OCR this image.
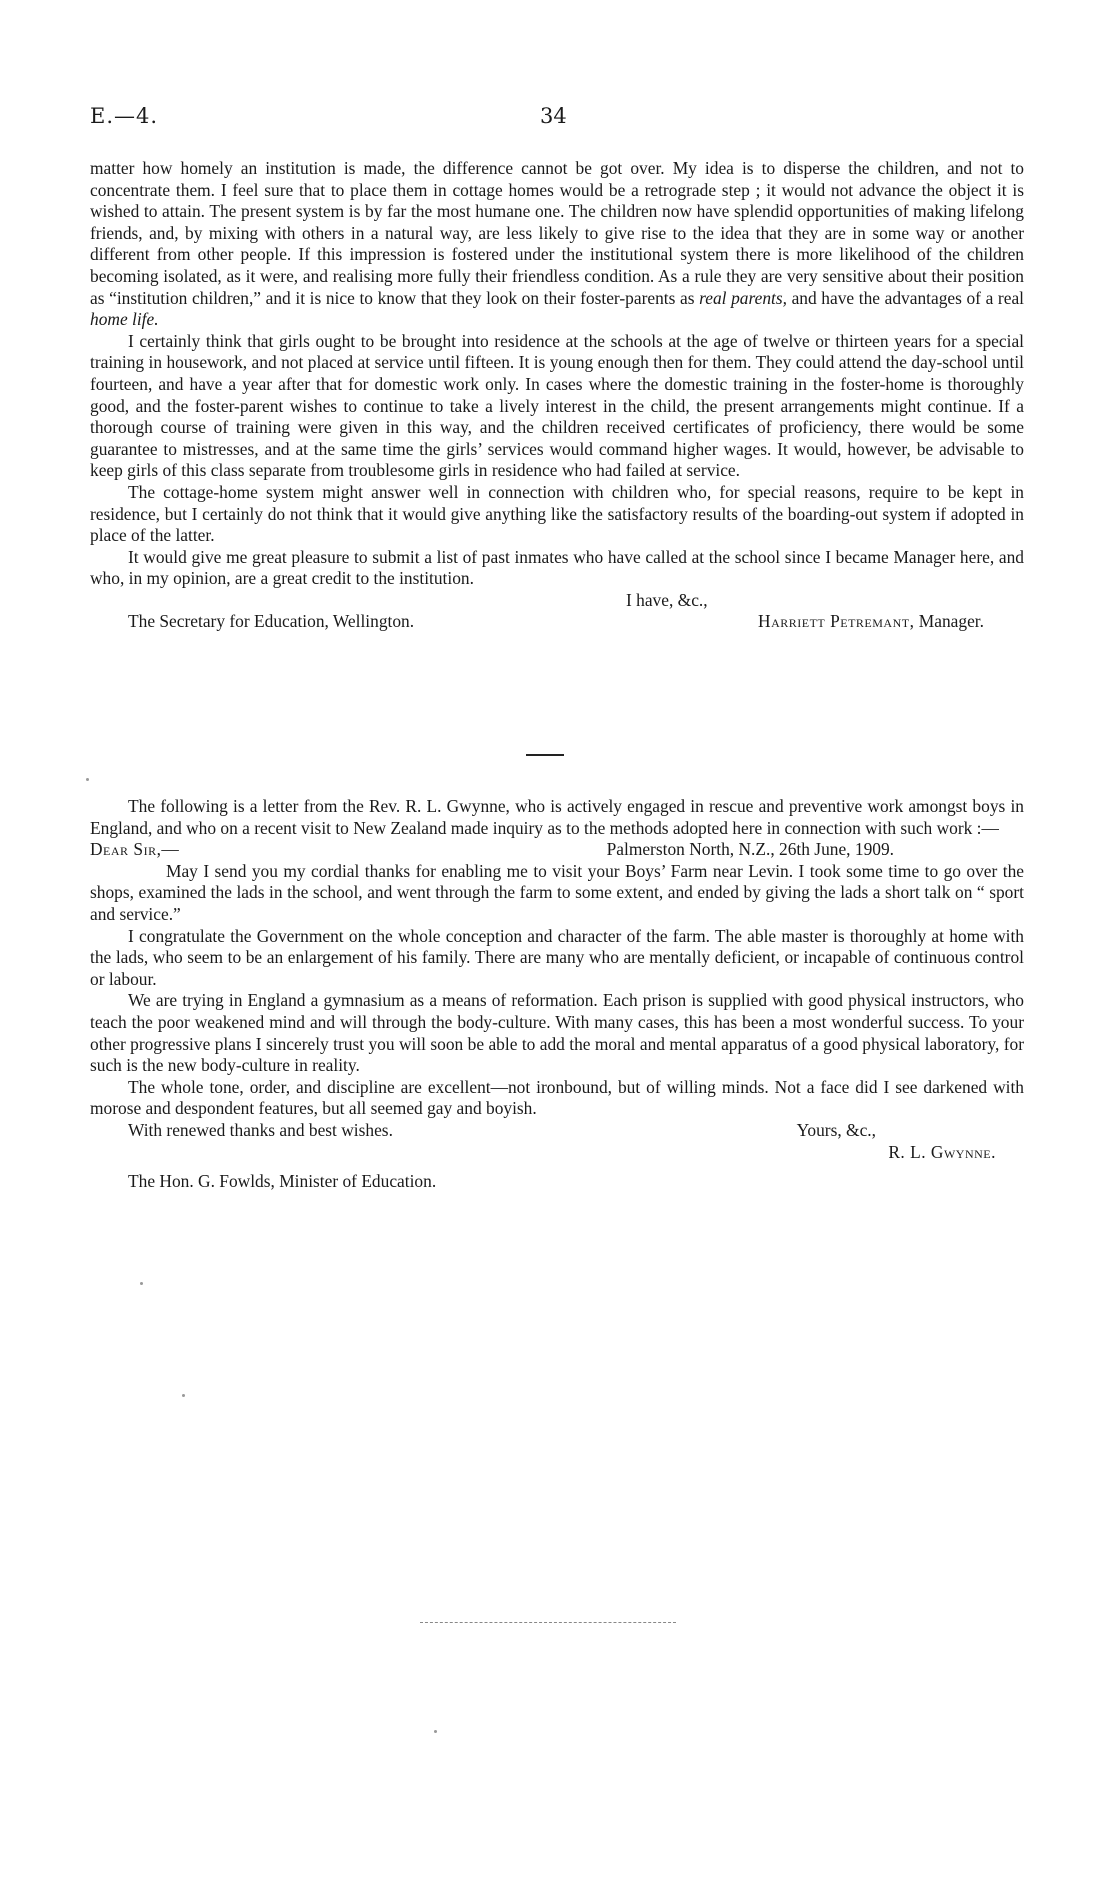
E.—4.	34

matter how homely an institution is made, the difference cannot be got over. My idea is to disperse the children, and not to concentrate them. I feel sure that to place them in cottage homes would be a retrograde step ; it would not advance the object it is wished to attain. The present system is by far the most humane one. The children now have splendid opportunities of making lifelong friends, and, by mixing with others in a natural way, are less likely to give rise to the idea that they are in some way or another different from other people. If this impression is fostered under the institutional system there is more likelihood of the children becoming isolated, as it were, and realising more fully their friendless condition. As a rule they are very sensitive about their position as “institution children,” and it is nice to know that they look on their foster-parents as real parents, and have the advantages of a real home life.

I certainly think that girls ought to be brought into residence at the schools at the age of twelve or thirteen years for a special training in housework, and not placed at service until fifteen. It is young enough then for them. They could attend the day-school until fourteen, and have a year after that for domestic work only. In cases where the domestic training in the foster-home is thoroughly good, and the foster-parent wishes to continue to take a lively interest in the child, the present arrangements might continue. If a thorough course of training were given in this way, and the children received certificates of proficiency, there would be some guarantee to mistresses, and at the same time the girls’ services would command higher wages. It would, however, be advisable to keep girls of this class separate from troublesome girls in residence who had failed at service.

The cottage-home system might answer well in connection with children who, for special reasons, require to be kept in residence, but I certainly do not think that it would give anything like the satisfactory results of the boarding-out system if adopted in place of the latter.

It would give me great pleasure to submit a list of past inmates who have called at the school since I became Manager here, and who, in my opinion, are a great credit to the institution.

I have, &c.,

The Secretary for Education, Wellington.	Harriett Petremant, Manager.

The following is a letter from the Rev. R. L. Gwynne, who is actively engaged in rescue and preventive work amongst boys in England, and who on a recent visit to New Zealand made inquiry as to the methods adopted here in connection with such work :—

Dear Sir,—	Palmerston North, N.Z., 26th June, 1909.

May I send you my cordial thanks for enabling me to visit your Boys’ Farm near Levin. I took some time to go over the shops, examined the lads in the school, and went through the farm to some extent, and ended by giving the lads a short talk on “ sport and service.”

I congratulate the Government on the whole conception and character of the farm. The able master is thoroughly at home with the lads, who seem to be an enlargement of his family. There are many who are mentally deficient, or incapable of continuous control or labour.

We are trying in England a gymnasium as a means of reformation. Each prison is supplied with good physical instructors, who teach the poor weakened mind and will through the body-culture. With many cases, this has been a most wonderful success. To your other progressive plans I sincerely trust you will soon be able to add the moral and mental apparatus of a good physical laboratory, for such is the new body-culture in reality.

The whole tone, order, and discipline are excellent—not ironbound, but of willing minds. Not a face did I see darkened with morose and despondent features, but all seemed gay and boyish.

With renewed thanks and best wishes.	Yours, &c.,

R. L. Gwynne.

The Hon. G. Fowlds, Minister of Education.
